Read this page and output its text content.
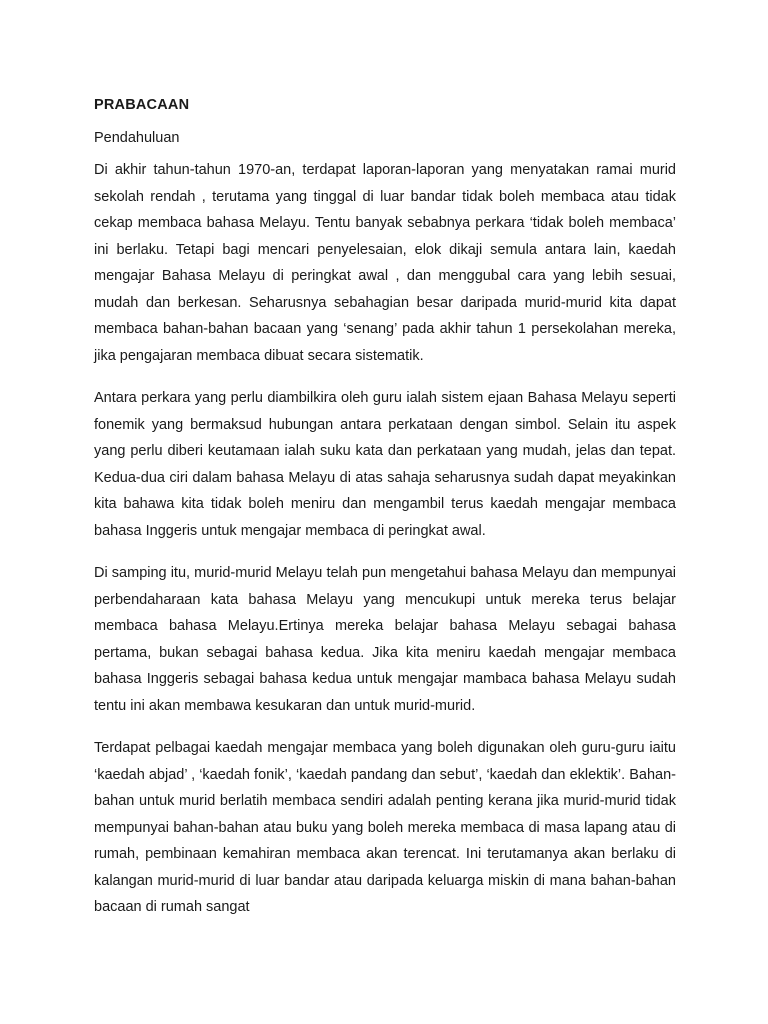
PRABACAAN
Pendahuluan

Di akhir tahun-tahun 1970-an, terdapat laporan-laporan yang menyatakan ramai murid sekolah rendah , terutama yang tinggal di luar bandar tidak boleh membaca atau tidak cekap membaca bahasa Melayu. Tentu banyak sebabnya perkara ‘tidak boleh membaca’ ini berlaku. Tetapi bagi mencari penyelesaian, elok dikaji semula antara lain, kaedah mengajar Bahasa Melayu di peringkat awal , dan menggubal cara yang lebih sesuai, mudah dan berkesan. Seharusnya sebahagian besar daripada murid-murid kita dapat membaca bahan-bahan bacaan yang ‘senang’ pada akhir tahun 1 persekolahan mereka, jika pengajaran membaca dibuat secara sistematik.

Antara perkara yang perlu diambilkira oleh guru ialah sistem ejaan Bahasa Melayu seperti fonemik yang bermaksud hubungan antara perkataan dengan simbol. Selain itu aspek yang perlu diberi keutamaan ialah suku kata dan perkataan yang mudah, jelas dan tepat. Kedua-dua ciri dalam bahasa Melayu di atas sahaja seharusnya sudah dapat meyakinkan kita bahawa kita tidak boleh meniru dan mengambil terus kaedah mengajar membaca bahasa Inggeris untuk mengajar membaca di peringkat awal.

Di samping itu, murid-murid Melayu telah pun mengetahui bahasa Melayu dan mempunyai perbendaharaan kata bahasa Melayu yang mencukupi untuk mereka terus belajar membaca bahasa Melayu.Ertinya mereka belajar bahasa Melayu sebagai bahasa pertama, bukan sebagai bahasa kedua. Jika kita meniru kaedah mengajar membaca bahasa Inggeris sebagai bahasa kedua untuk mengajar mambaca bahasa Melayu sudah tentu ini akan membawa kesukaran dan untuk murid-murid.

Terdapat pelbagai kaedah mengajar membaca yang boleh digunakan oleh guru-guru iaitu ‘kaedah abjad’ , ‘kaedah fonik’, ‘kaedah pandang dan sebut’, ‘kaedah dan eklektik’. Bahan-bahan untuk murid berlatih membaca sendiri adalah penting kerana jika murid-murid tidak mempunyai bahan-bahan atau buku yang boleh mereka membaca di masa lapang atau di rumah, pembinaan kemahiran membaca akan terencat. Ini terutamanya akan berlaku di kalangan murid-murid di luar bandar atau daripada keluarga miskin di mana bahan-bahan bacaan di rumah sangat
